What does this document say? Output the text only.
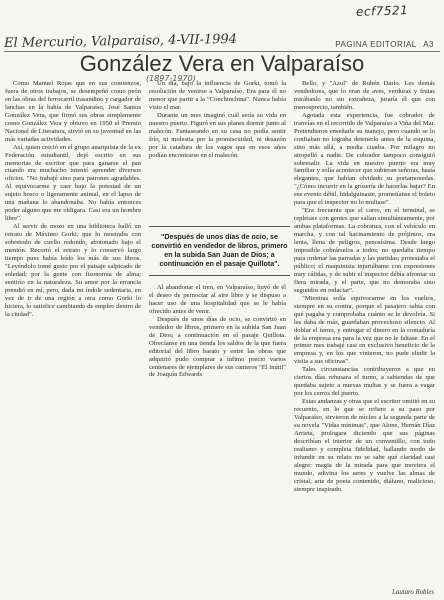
ecf7521
El Mercurio, Valparaiso, 4-VII-1994	PAGINA EDITORIAL A3
González Vera en Valparaíso
(1897-1970)

Como Manuel Rojas que en sus comienzos, fuera de otros trabajos, se desempeñó como peón en las obras del ferrocarril trasandino y cargador de lanchas en la bahía de Valparaíso, José Santos González Vera, que firmó sus obras simplemente como González Vera y obtuvo en 1950 el Premio Nacional de Literatura, sirvió en su juventud en las más variadas actividades.

Así, quien creció en el grupo anarquista de la ex Federación estudiantil, dejó escrito en sus memorias de escritor que para ganarse el pan cuando era muchacho intentó aprender diversos oficios. "No trabajé sino para patrones agradables. Al equivocarme y caer bajo la potestad de un sujeto hosco o ligeramente animal, en el lapso de una mañana lo abandonaba. No había entonces poder alguno que me obligara. Casi era un hombre libre".

Al servir de mozo en una biblioteca halló un retrato de Máximo Gorki, que lo mostraba con sobretodo de cuello redondo, abotonado bajo el mentón. Recortó el retrato y lo conservó largo tiempo pues había leído los más de sus libros. "Leyéndolo tomé gusto por el paisaje salpicado de soledad; por la gente con fisonomía de alma; sentirío en la naturaleza. Su amor por la errancia prendió en mí, pero, dada mi índole sedentaria, en vez de ir de una región a otra como Gorki lo hiciera, lo satisfice cambiando de empleo dentro de la ciudad".

Un día, bajo la influencia de Gorki, tomó la resolución de venirse a Valparaíso. Era para él no menor que partir a la "Conchinchina". Nunca había visto el mar.

Durante un mes imaginó cuál sería su vida en nuestro puerto. Figuró en sus planes dormir junto al malecón. Fantaseando en su casa no podía sentir frío, ni molestia por la promiscuidad, ni desazón por la catadura de los vagos que en esos años podían encontrarse en el malecón.

"Después de unos días de ocio, se convirtió en vendedor de libros, primero en la subida San Juan de Dios; a continuación en el pasaje Quillota".

Al abandonar el tren, en Valparaíso, huyó de él el deseo de pernoctar al aire libre y se dispuso a hacer uso de una hospitalidad que se le había ofrecido antes de venir.

Después de unos días de ocio, se convirtió en vendedor de libros, primero en la subida San Juan de Dios; a continuación en el pasaje Quillota. Ofrecíanse en una tienda los saldos de la que fuera editorial del libro barato y entre las obras que adquirió pudo comprar a ínfimo precio varios centenares de ejemplares de sus canteros "El inútil" de Joaquín Edwards

Bello, y "Azul" de Rubén Darío. Les demás vendedores, que lo eran de aves, verduras y frutas mirábanlo no sin extrañeza, juraría él que con menosprecio, también.

Agotada esta experiencia, fue cobrador de tranvías en el recorrido de Valparaíso a Viña del Mar. Pretendieron enseñarle su manejo, pero cuando se lo confiaban no lograba detenerlo antes de la esquina, sino más allá, a media cuadra. Por milagro no atropelló a nadie. De cobrador tampoco consiguió sobresalir. La vida en nuestro puerto era muy familiar y solía acontecer que subieran señoras, hasta elegantes, que habían olvidado su portamonedas. "¿Cómo incurrir en la grosería de hacerlas bajar? En ese evento débil, hidalguinaste, prometíanse el boleto para que el inspector no lo multase".

"Era frecuente que el carro, en el terminal, se repletase con gentes que salían simultáneamente, por ambas plataformas. La cobranza, con el vehículo en marcha, y con tal hacinamiento de prójimos, era lenta, llena de peligros, penosísima. Desde luego imposible cobrárselos a todos; no quedaba tiempo para ordenar las parradas y las partidas; protestaba el público; el maquinista injuriábame con expresiones muy cálidas, y de subir el inspector débía afrontar su fiera mirada, y el parte, que no demoraba sino segundos en redactar".

"Mientras solía equivocarme en los vueltos, siempre en su contra, porque el pasajero sabía con qué pagaba y comprobaba cuánto se le devolvía. Si les daba de más, guardaban provechoso silencio. Al doblar el turno, y entregar el dinero en la contaduría de la empresa era para la vez que no le faltase. En el primer mes trabajé casi en exclusivo beneficio de la empresa y, en los que vinieron, no pude eludir la visita a sus oficinas".

Tales circunstancias contribuyeron a que en ciertos días rehusara el turno, a sabiendas de que quedaba sujeto a nuevas multas y se fuera a vagar por los cerros del puerto.

Estas andanzas y otras que el escritor omitió en su recuento, en lo que se refiere a su paso por Valparaíso, sirvieron de núcleo a la segunda parte de su novela "Vidas mínimas", que Alone, Hernán Díaz Arrieta, prologara diciendo que sus páginas describían el interior de un conventillo, con todo realismo y completa fidelidad, hallando modo de infundir en su relato no se sabe qué claridad casi alegre: magia de la mirada para que moviera el mundo, adivina los seres y vuelve las almas de cristal, arte de poeta contenido, diáfano, malicioso, siempre inspirado.

Lautaro Robles
